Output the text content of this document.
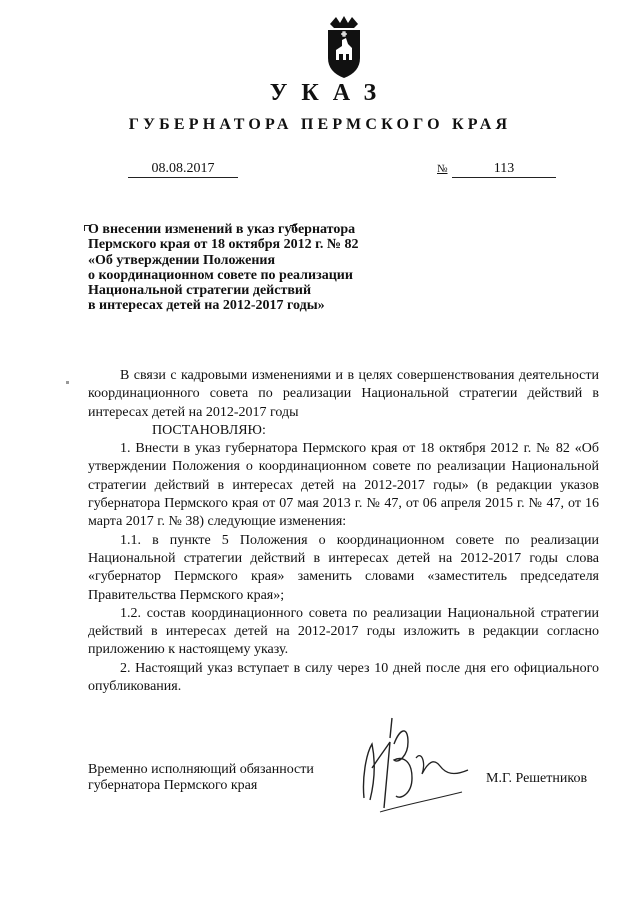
УКАЗ
ГУБЕРНАТОРА ПЕРМСКОГО КРАЯ
08.08.2017	№	113
О внесении изменений в указ губернатора
Пермского края от 18 октября 2012 г. № 82
«Об утверждении Положения
о координационном совете по реализации
Национальной стратегии действий
в интересах детей на 2012-2017 годы»

В связи с кадровыми изменениями и в целях совершенствования деятельности координационного совета по реализации Национальной стратегии действий в интересах детей на 2012-2017 годы

ПОСТАНОВЛЯЮ:

1. Внести в указ губернатора Пермского края от 18 октября 2012 г. № 82 «Об утверждении Положения о координационном совете по реализации Национальной стратегии действий в интересах детей на 2012-2017 годы» (в редакции указов губернатора Пермского края от 07 мая 2013 г. № 47, от 06 апреля 2015 г. № 47, от 16 марта 2017 г. № 38) следующие изменения:

1.1. в пункте 5 Положения о координационном совете по реализации Национальной стратегии действий в интересах детей на 2012-2017 годы слова «губернатор Пермского края» заменить словами «заместитель председателя Правительства Пермского края»;

1.2. состав координационного совета по реализации Национальной стратегии действий в интересах детей на 2012-2017 годы изложить в редакции согласно приложению к настоящему указу.

2. Настоящий указ вступает в силу через 10 дней после дня его официального опубликования.

Временно исполняющий обязанности
губернатора Пермского края	М.Г. Решетников
